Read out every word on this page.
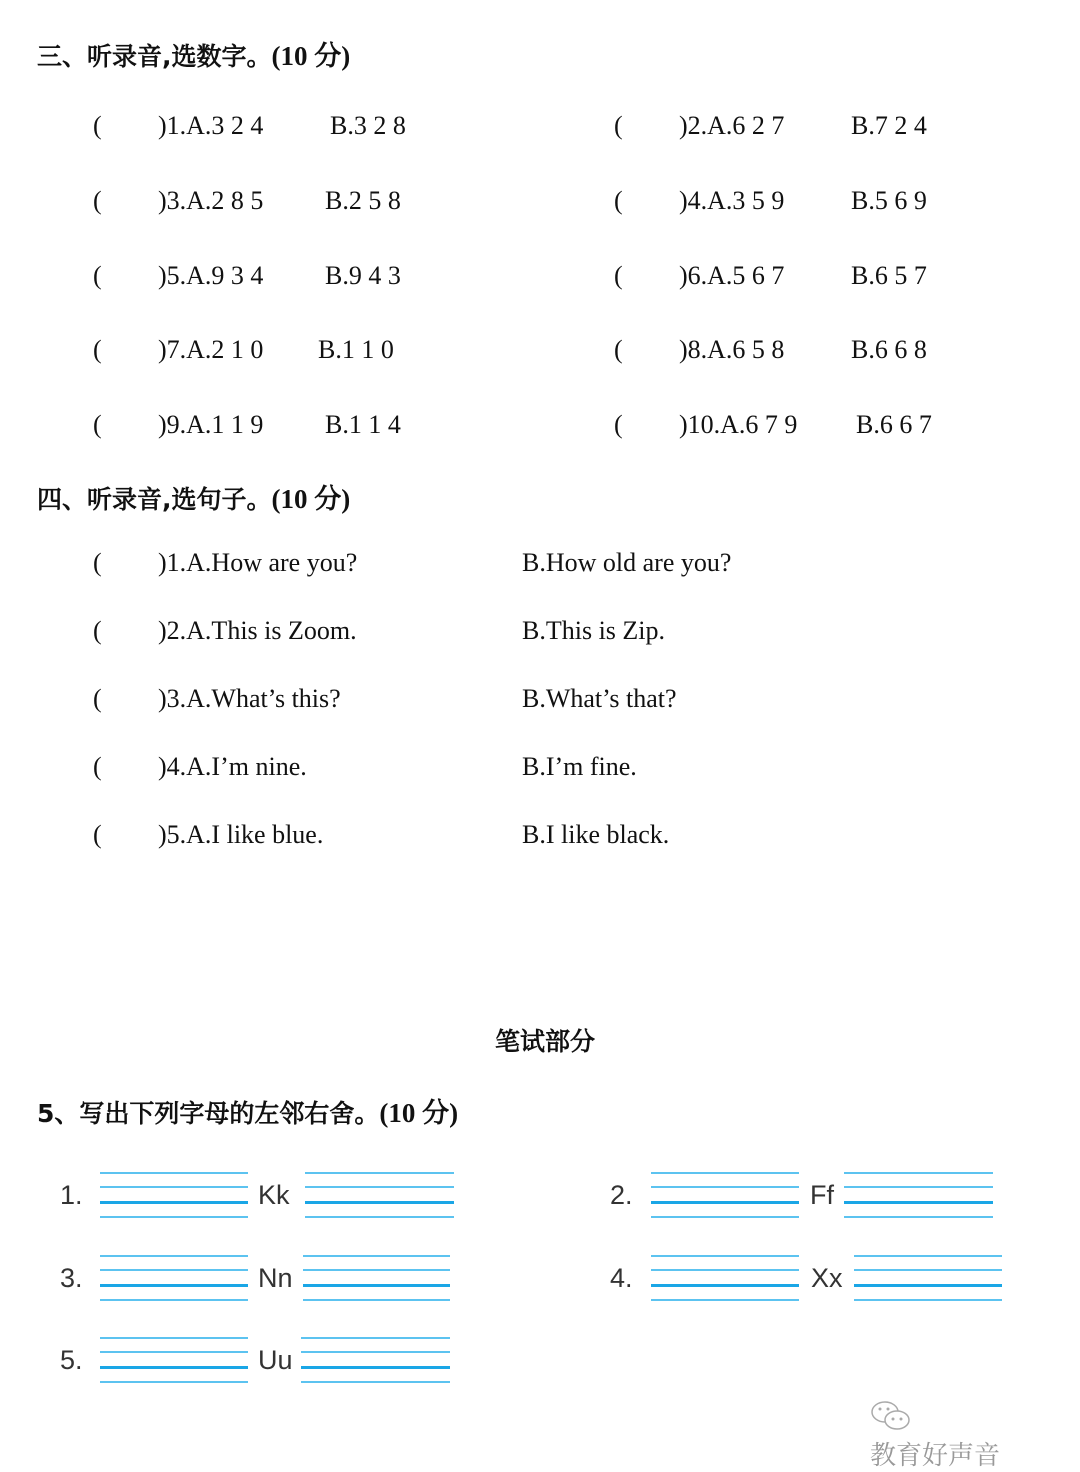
三、听录音,选数字。(10 分)
四、听录音,选句子。(10 分)
笔试部分
5、写出下列字母的左邻右舍。(10 分)
( )1.A.3 2 4	B.3 2 8	( )2.A.6 2 7	B.7 2 4
( )3.A.2 8 5 B.2 5 8	( )4.A.3 5 9	B.5 6 9
( )5.A.9 3 4 B.9 4 3	( )6.A.5 6 7	B.6 5 7
( )7.A.2 1 0 B.1 1 0	( )8.A.6 5 8	B.6 6 8
( )9.A.1 1 9 B.1 1 4	( )10.A.6 7 9 B.6 6 7
( )1.A.How are you?	B.How old are you?
( )2.A.This is Zoom.	B.This is Zip.
( )3.A.What’s this?	B.What’s that?
( )4.A.I’m nine.	B.I’m fine.
( )5.A.I like blue.	B.I like black.
1.	Kk	2.	Ff
3.	Nn	4.	Xx
5.	Uu

教育好声音
